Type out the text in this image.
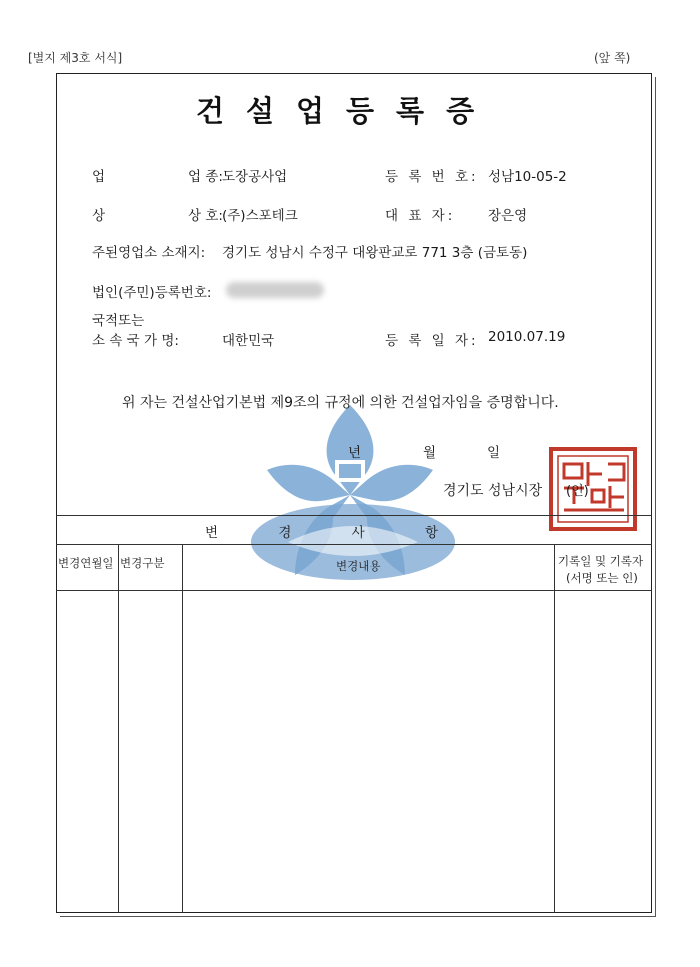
[별지 제3호 서식]	(앞 쪽)
건설업등록증
업	업 종: 도장공사업	등 록 번 호: 성남10-05-2
상	상 호: (주)스포테크	대 표 자: 장은영
주된영업소 소재지: 경기도 성남시 수정구 대왕판교로 771 3층 (금토동)
법인(주민)등록번호:
국적또는
소 속 국 가 명:	대한민국	등 록 일 자: 2010.07.19
위 자는 건설산업기본법 제9조의 규정에 의한 건설업자임을 증명합니다.
년	월	일
경기도 성남시장 (인)
변 경 사 항
변경연월일 변경구분	변경내용	기록일 및 기록자
(서명 또는 인)
